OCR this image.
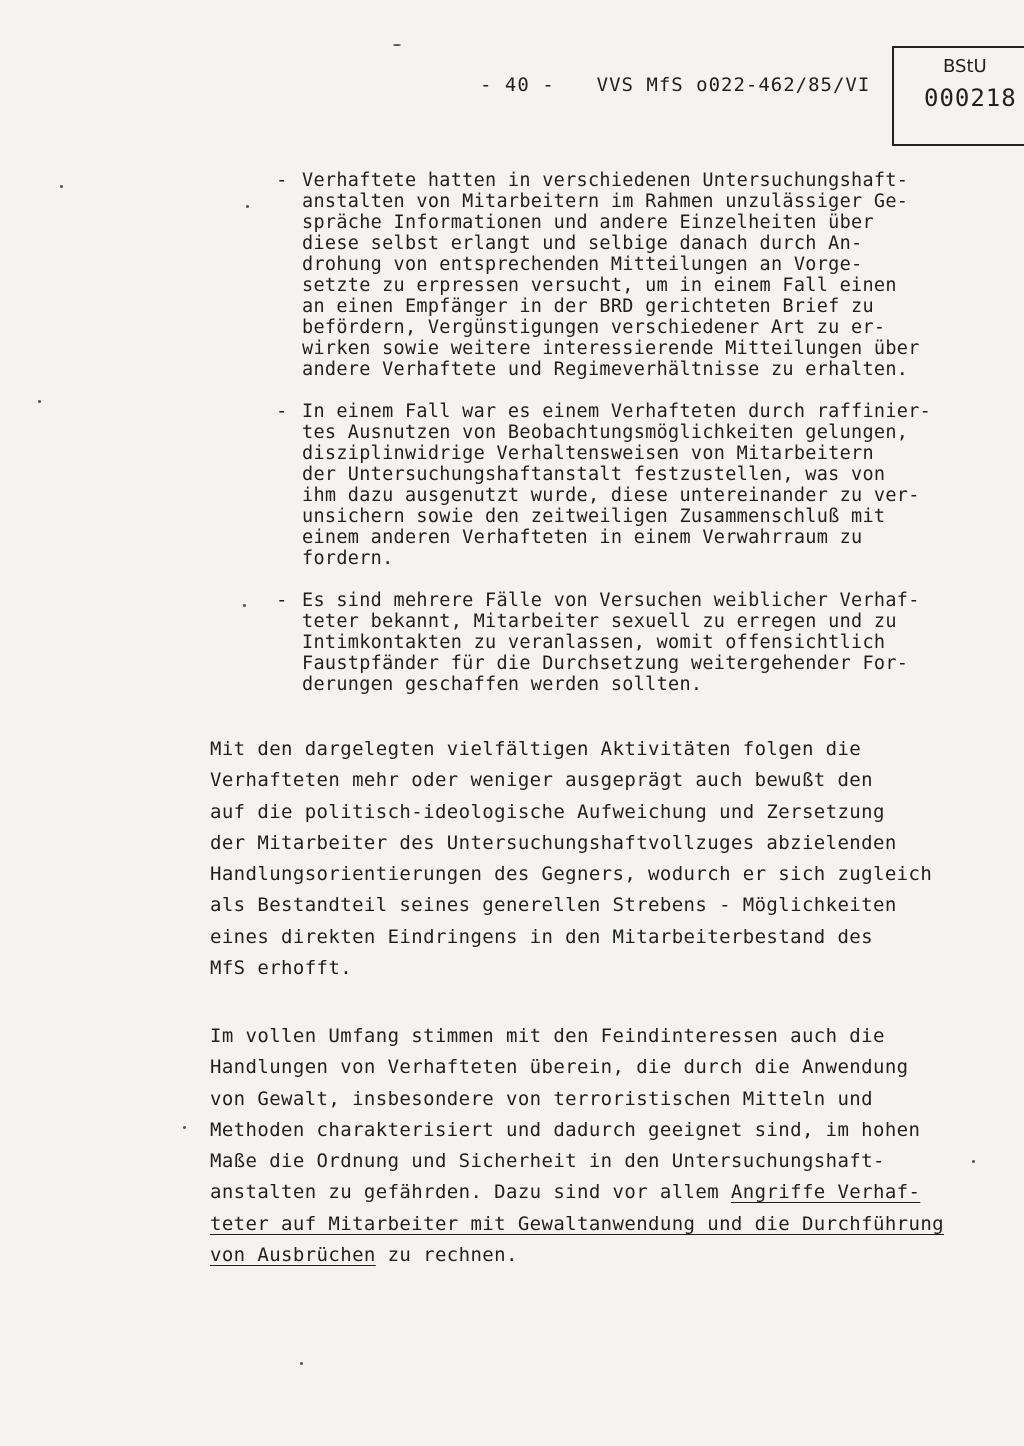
- 40 - VVS MfS o022-462/85/VI
BStU
000218
- Verhaftete hatten in verschiedenen Untersuchungshaft-
anstalten von Mitarbeitern im Rahmen unzulässiger Ge-
spräche Informationen und andere Einzelheiten über
diese selbst erlangt und selbige danach durch An-
drohung von entsprechenden Mitteilungen an Vorge-
setzte zu erpressen versucht, um in einem Fall einen
an einen Empfänger in der BRD gerichteten Brief zu
befördern, Vergünstigungen verschiedener Art zu er-
wirken sowie weitere interessierende Mitteilungen über
andere Verhaftete und Regimeverhältnisse zu erhalten.
- In einem Fall war es einem Verhafteten durch raffinier-
tes Ausnutzen von Beobachtungsmöglichkeiten gelungen,
disziplinwidrige Verhaltensweisen von Mitarbeitern
der Untersuchungshaftanstalt festzustellen, was von
ihm dazu ausgenutzt wurde, diese untereinander zu ver-
unsichern sowie den zeitweiligen Zusammenschluß mit
einem anderen Verhafteten in einem Verwahrraum zu
fordern.
- Es sind mehrere Fälle von Versuchen weiblicher Verhaf-
teter bekannt, Mitarbeiter sexuell zu erregen und zu
Intimkontakten zu veranlassen, womit offensichtlich
Faustpfänder für die Durchsetzung weitergehender For-
derungen geschaffen werden sollten.
Mit den dargelegten vielfältigen Aktivitäten folgen die
Verhafteten mehr oder weniger ausgeprägt auch bewußt den
auf die politisch-ideologische Aufweichung und Zersetzung
der Mitarbeiter des Untersuchungshaftvollzuges abzielenden
Handlungsorientierungen des Gegners, wodurch er sich zugleich
als Bestandteil seines generellen Strebens - Möglichkeiten
eines direkten Eindringens in den Mitarbeiterbestand des
MfS erhofft.
Im vollen Umfang stimmen mit den Feindinteressen auch die
Handlungen von Verhafteten überein, die durch die Anwendung
von Gewalt, insbesondere von terroristischen Mitteln und
Methoden charakterisiert und dadurch geeignet sind, im hohen
Maße die Ordnung und Sicherheit in den Untersuchungshaft-
anstalten zu gefährden. Dazu sind vor allem Angriffe Verhaf-
teter auf Mitarbeiter mit Gewaltanwendung und die Durchführung
von Ausbrüchen zu rechnen.
